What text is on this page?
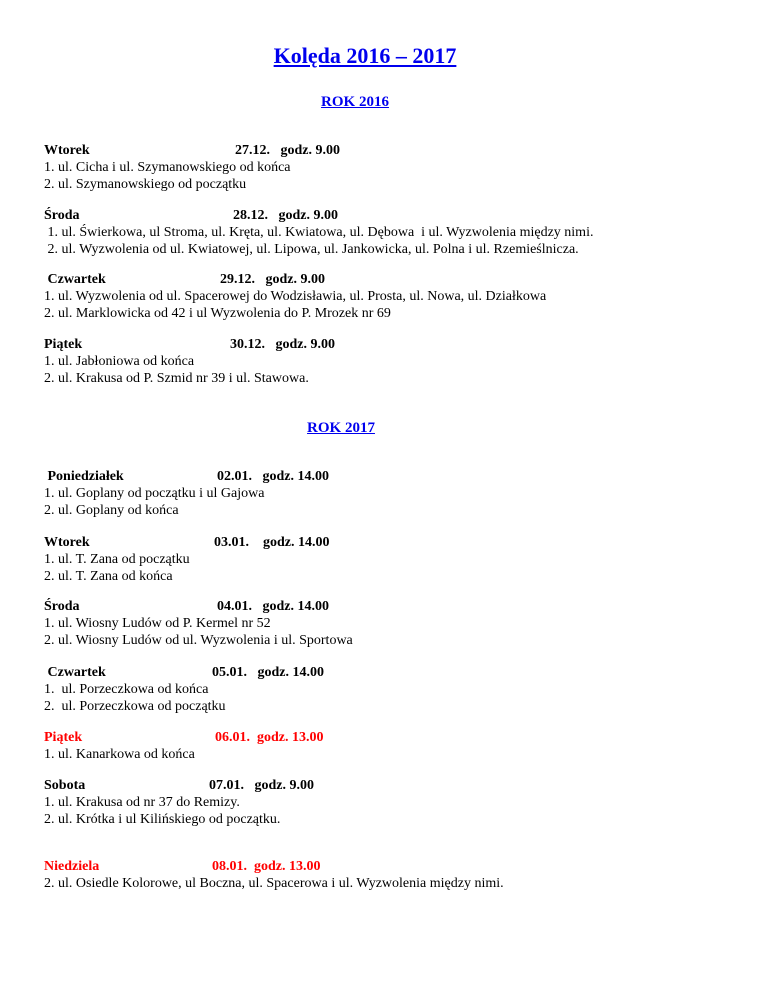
Kolęda 2016 – 2017
ROK 2016
Wtorek	27.12.   godz. 9.00
1. ul. Cicha i ul. Szymanowskiego od końca
2. ul. Szymanowskiego od początku
Środa	28.12.   godz. 9.00
1. ul. Świerkowa, ul Stroma, ul. Kręta, ul. Kwiatowa, ul. Dębowa  i ul. Wyzwolenia między nimi.
2. ul. Wyzwolenia od ul. Kwiatowej, ul. Lipowa, ul. Jankowicka, ul. Polna i ul. Rzemieślnicza.
Czwartek	29.12.   godz. 9.00
1. ul. Wyzwolenia od ul. Spacerowej do Wodzisławia, ul. Prosta, ul. Nowa, ul. Działkowa
2. ul. Marklowicka od 42 i ul Wyzwolenia do P. Mrozek nr 69
Piątek	30.12.   godz. 9.00
1. ul. Jabłoniowa od końca
2. ul. Krakusa od P. Szmid nr 39 i ul. Stawowa.
ROK 2017
Poniedziałek	02.01.   godz. 14.00
1. ul. Goplany od początku i ul Gajowa
2. ul. Goplany od końca
Wtorek	03.01.    godz. 14.00
1. ul. T. Zana od początku
2. ul. T. Zana od końca
Środa	04.01.   godz. 14.00
1. ul. Wiosny Ludów od P. Kermel nr 52
2. ul. Wiosny Ludów od ul. Wyzwolenia i ul. Sportowa
Czwartek	05.01.   godz. 14.00
1.  ul. Porzeczkowa od końca
2.  ul. Porzeczkowa od początku
Piątek	06.01.  godz. 13.00
1. ul. Kanarkowa od końca
Sobota	07.01.   godz. 9.00
1. ul. Krakusa od nr 37 do Remizy.
2. ul. Krótka i ul Kilińskiego od początku.
Niedziela	08.01.  godz. 13.00
2. ul. Osiedle Kolorowe, ul Boczna, ul. Spacerowa i ul. Wyzwolenia między nimi.
